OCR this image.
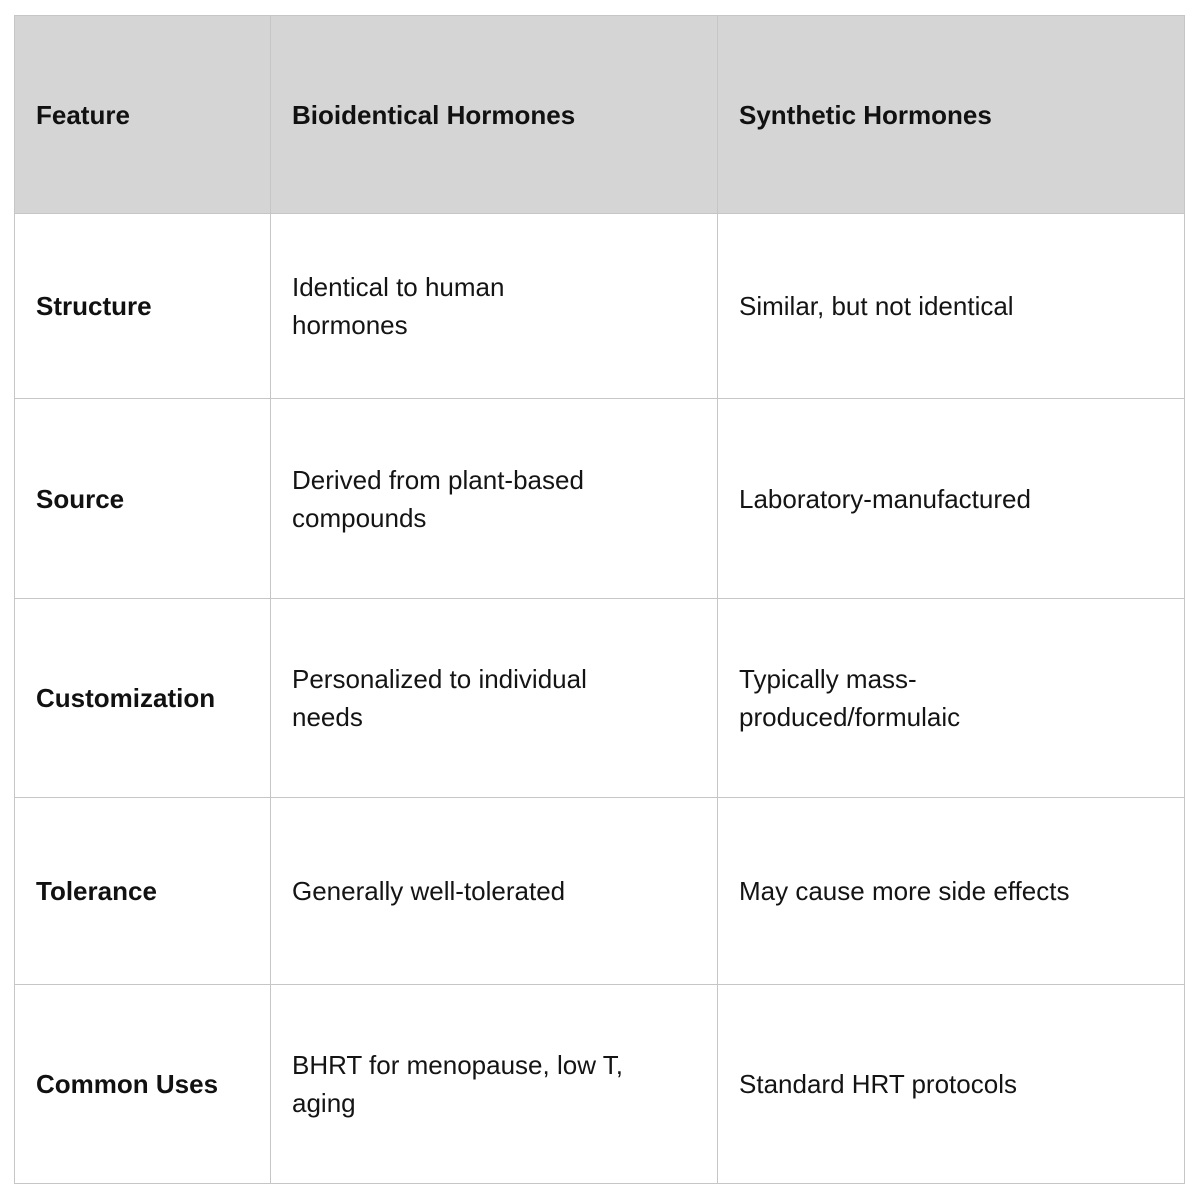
Feature	Bioidentical Hormones	Synthetic Hormones
Structure	Identical to human hormones	Similar, but not identical
Source	Derived from plant-based compounds	Laboratory-manufactured
Customization	Personalized to individual needs	Typically mass-produced/formulaic
Tolerance	Generally well-tolerated	May cause more side effects
Common Uses	BHRT for menopause, low T, aging	Standard HRT protocols
